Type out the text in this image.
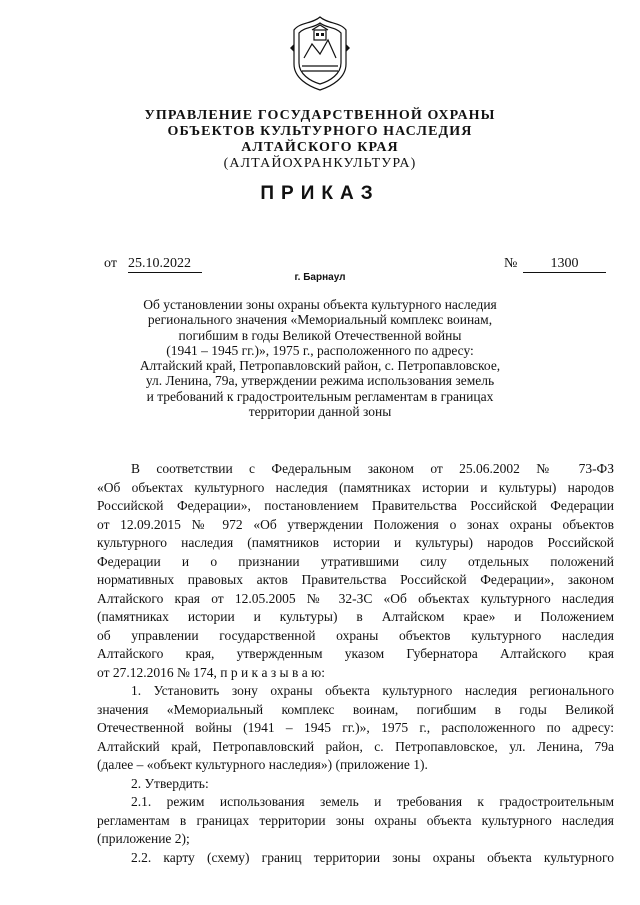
УПРАВЛЕНИЕ ГОСУДАРСТВЕННОЙ ОХРАНЫ
ОБЪЕКТОВ КУЛЬТУРНОГО НАСЛЕДИЯ
АЛТАЙСКОГО КРАЯ
(АЛТАЙОХРАНКУЛЬТУРА)
ПРИКАЗ
от 25.10.2022	№	1300
г. Барнаул
Об установлении зоны охраны объекта культурного наследия
регионального значения «Мемориальный комплекс воинам,
погибшим в годы Великой Отечественной войны
(1941 – 1945 гг.)», 1975 г., расположенного по адресу:
Алтайский край, Петропавловский район, с. Петропавловское,
ул. Ленина, 79а, утверждении режима использования земель
и требований к градостроительным регламентам в границах
территории данной зоны
В соответствии с Федеральным законом от 25.06.2002 № 73-ФЗ
«Об объектах культурного наследия (памятниках истории и культуры) народов
Российской Федерации», постановлением Правительства Российской Федерации
от 12.09.2015 № 972 «Об утверждении Положения о зонах охраны объектов
культурного наследия (памятников истории и культуры) народов Российской
Федерации и о признании утратившими силу отдельных положений
нормативных правовых актов Правительства Российской Федерации», законом
Алтайского края от 12.05.2005 № 32-ЗС «Об объектах культурного наследия
(памятниках истории и культуры) в Алтайском крае» и Положением
об управлении государственной охраны объектов культурного наследия
Алтайского края, утвержденным указом Губернатора Алтайского края
от 27.12.2016 № 174, п р и к а з ы в а ю:
1. Установить зону охраны объекта культурного наследия регионального
значения «Мемориальный комплекс воинам, погибшим в годы Великой
Отечественной войны (1941 – 1945 гг.)», 1975 г., расположенного по адресу:
Алтайский край, Петропавловский район, с. Петропавловское, ул. Ленина, 79а
(далее – «объект культурного наследия») (приложение 1).
2. Утвердить:
2.1. режим использования земель и требования к градостроительным
регламентам в границах территории зоны охраны объекта культурного наследия
(приложение 2);
2.2. карту (схему) границ территории зоны охраны объекта культурного
